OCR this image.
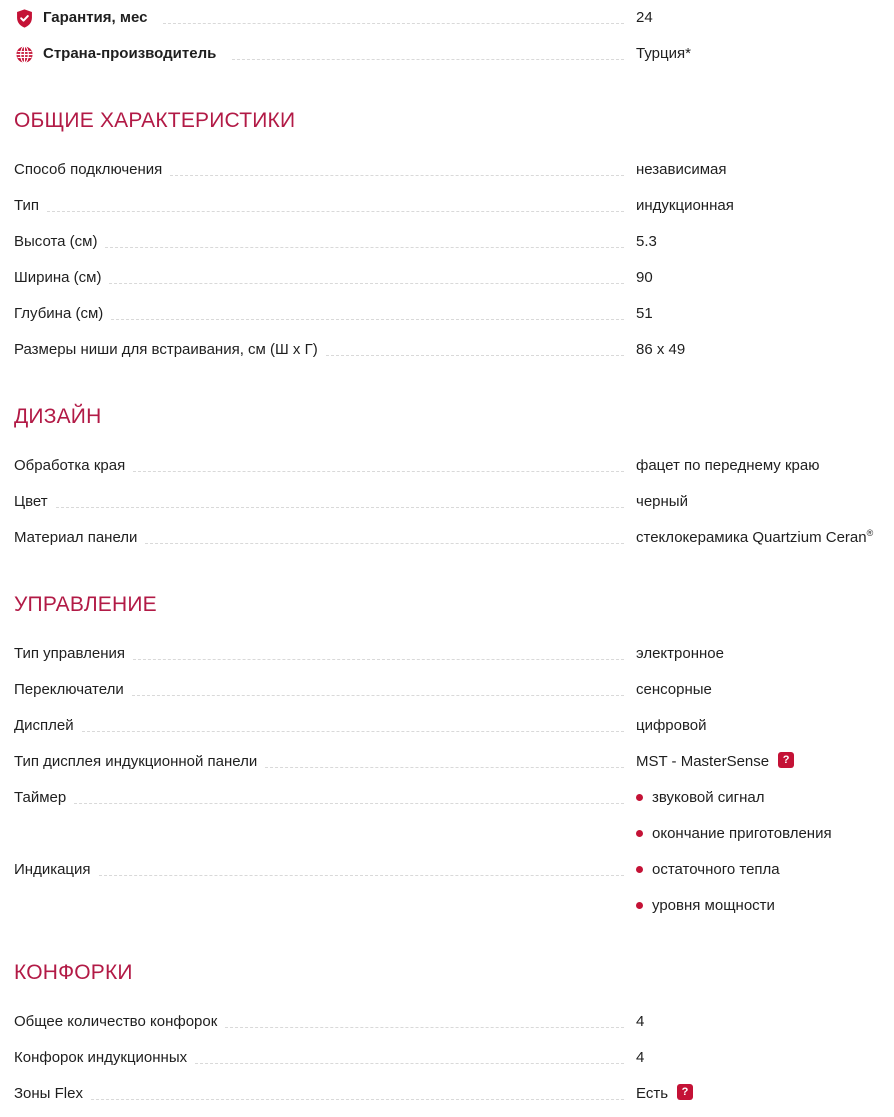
Гарантия, мес	24
Страна-производитель	Турция*
ОБЩИЕ ХАРАКТЕРИСТИКИ
Способ подключения	независимая
Тип	индукционная
Высота (см)	5.3
Ширина (см)	90
Глубина (см)	51
Размеры ниши для встраивания, см (Ш х Г)	86 x 49
ДИЗАЙН
Обработка края	фацет по переднему краю
Цвет	черный
Материал панели	стеклокерамика Quartzium Ceran®
УПРАВЛЕНИЕ
Тип управления	электронное
Переключатели	сенсорные
Дисплей	цифровой
Тип дисплея индукционной панели	MST - MasterSense ?
Таймер	звуковой сигнал
окончание приготовления
Индикация	остаточного тепла
уровня мощности
КОНФОРКИ
Общее количество конфорок	4
Конфорок индукционных	4
Зоны Flex	Есть ?
